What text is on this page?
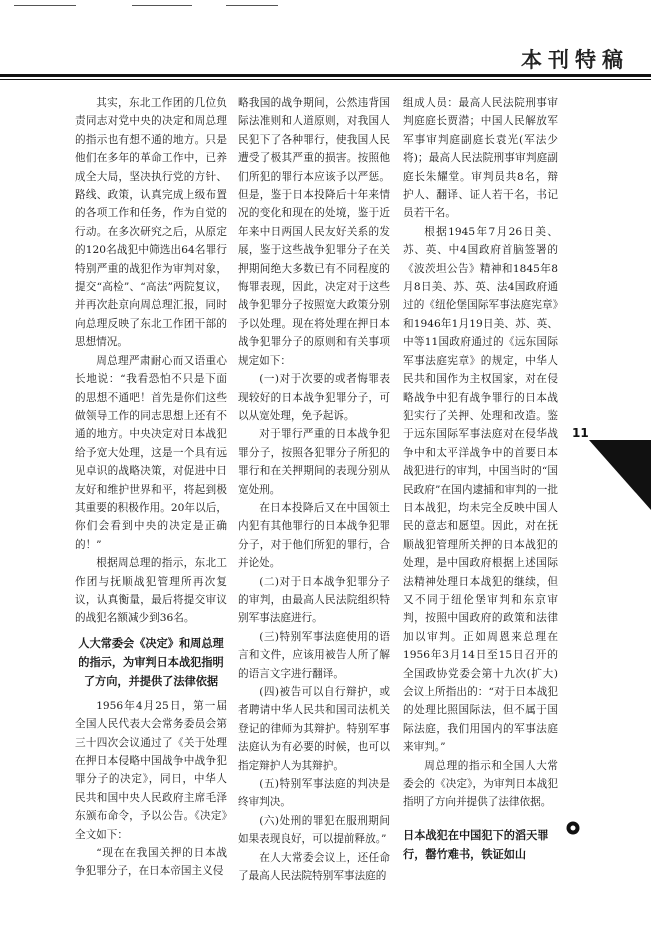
本刊特稿

其实，东北工作团的几位负责同志对党中央的决定和周总理的指示也有想不通的地方。只是他们在多年的革命工作中，已养成全大局，坚决执行党的方针、路线、政策，认真完成上级布置的各项工作和任务，作为自觉的行动。在多次研究之后，从原定的120名战犯中筛选出64名罪行特别严重的战犯作为审判对象，提交“高检”、“高法”两院复议，并再次赴京向周总理汇报，同时向总理反映了东北工作团干部的思想情况。

周总理严肃耐心而又语重心长地说：“我看恐怕不只是下面的思想不通吧！首先是你们这些做领导工作的同志思想上还有不通的地方。中央决定对日本战犯给予宽大处理，这是一个具有远见卓识的战略决策，对促进中日友好和维护世界和平，将起到极其重要的积极作用。20年以后，你们会看到中央的决定是正确的！”

根据周总理的指示，东北工作团与抚顺战犯管理所再次复议，认真衡量，最后将提交审议的战犯名额减少到36名。

人大常委会《决定》和周总理的指示，为审判日本战犯指明了方向，并提供了法律依据

1956年4月25日，第一届全国人民代表大会常务委员会第三十四次会议通过了《关于处理在押日本侵略中国战争中战争犯罪分子的决定》，同日，中华人民共和国中央人民政府主席毛泽东颁布命令，予以公告。《决定》全文如下：

“现在在我国关押的日本战争犯罪分子，在日本帝国主义侵

略我国的战争期间，公然违背国际法准则和人道原则，对我国人民犯下了各种罪行，使我国人民遭受了极其严重的损害。按照他们所犯的罪行本应该予以严惩。但是，鉴于日本投降后十年来情况的变化和现在的处境，鉴于近年来中日两国人民友好关系的发展，鉴于这些战争犯罪分子在关押期间绝大多数已有不同程度的悔罪表现，因此，决定对于这些战争犯罪分子按照宽大政策分别予以处理。现在将处理在押日本战争犯罪分子的原则和有关事项规定如下：

(一)对于次要的或者悔罪表现较好的日本战争犯罪分子，可以从宽处理，免予起诉。

对于罪行严重的日本战争犯罪分子，按照各犯罪分子所犯的罪行和在关押期间的表现分别从宽处刑。

在日本投降后又在中国领土内犯有其他罪行的日本战争犯罪分子，对于他们所犯的罪行，合并论处。

(二)对于日本战争犯罪分子的审判，由最高人民法院组织特别军事法庭进行。

(三)特别军事法庭使用的语言和文件，应该用被告人所了解的语言文字进行翻译。

(四)被告可以自行辩护，或者聘请中华人民共和国司法机关登记的律师为其辩护。特别军事法庭认为有必要的时候，也可以指定辩护人为其辩护。

(五)特别军事法庭的判决是终审判决。

(六)处刑的罪犯在服刑期间如果表现良好，可以提前释放。”

在人大常委会议上，还任命了最高人民法院特别军事法庭的

组成人员：最高人民法院刑事审判庭庭长贾潜；中国人民解放军军事审判庭副庭长袁光(军法少将)；最高人民法院刑事审判庭副庭长朱耀堂。审判员共8名，辩护人、翻译、证人若干名，书记员若干名。

根据1945年7月26日美、苏、英、中4国政府首脑签署的《波茨坦公告》精神和1845年8月8日美、苏、英、法4国政府通过的《纽伦堡国际军事法庭宪章》和1946年1月19日美、苏、英、中等11国政府通过的《远东国际军事法庭宪章》的规定，中华人民共和国作为主权国家，对在侵略战争中犯有战争罪行的日本战犯实行了关押、处理和改造。鉴于远东国际军事法庭对在侵华战争中和太平洋战争中的首要日本战犯进行的审判，中国当时的“国民政府”在国内逮捕和审判的一批日本战犯，均未完全反映中国人民的意志和愿望。因此，对在抚顺战犯管理所关押的日本战犯的处理，是中国政府根据上述国际法精神处理日本战犯的继续，但又不同于纽伦堡审判和东京审判，按照中国政府的政策和法律加以审判。正如周恩来总理在1956年3月14日至15日召开的全国政协党委会第十九次(扩大)会议上所指出的：“对于日本战犯的处理比照国际法，但不属于国际法庭，我们用国内的军事法庭来审判。”

周总理的指示和全国人大常委会的《决定》，为审判日本战犯指明了方向并提供了法律依据。

日本战犯在中国犯下的滔天罪行，罄竹难书，铁证如山
11
